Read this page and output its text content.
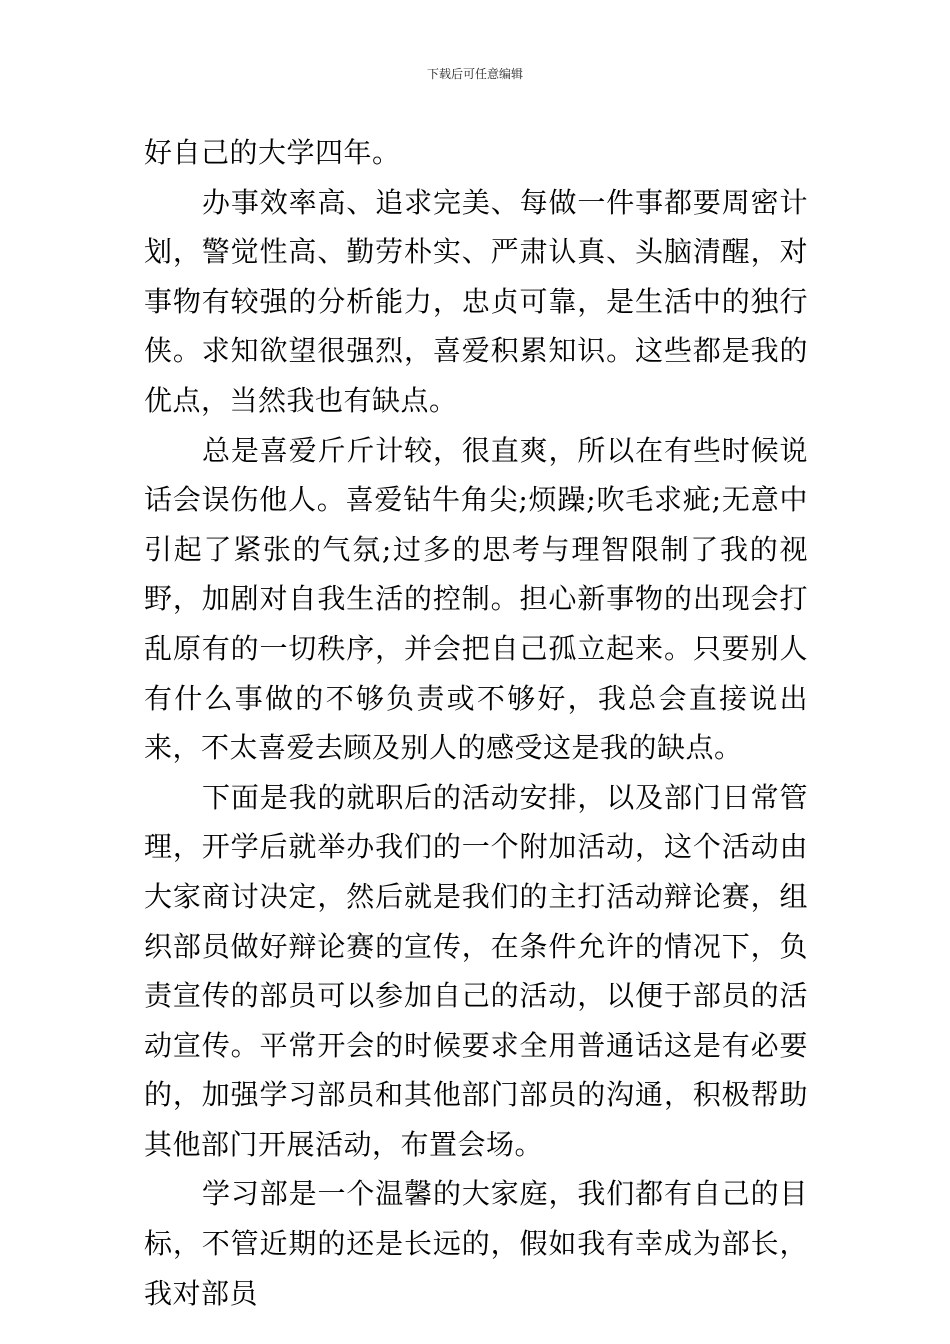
下载后可任意编辑

好自己的大学四年。

办事效率高、追求完美、每做一件事都要周密计划，警觉性高、勤劳朴实、严肃认真、头脑清醒，对事物有较强的分析能力，忠贞可靠，是生活中的独行侠。求知欲望很强烈，喜爱积累知识。这些都是我的优点，当然我也有缺点。

总是喜爱斤斤计较，很直爽，所以在有些时候说话会误伤他人。喜爱钻牛角尖;烦躁;吹毛求疵;无意中引起了紧张的气氛;过多的思考与理智限制了我的视野，加剧对自我生活的控制。担心新事物的出现会打乱原有的一切秩序，并会把自己孤立起来。只要别人有什么事做的不够负责或不够好，我总会直接说出来，不太喜爱去顾及别人的感受这是我的缺点。

下面是我的就职后的活动安排，以及部门日常管理，开学后就举办我们的一个附加活动，这个活动由大家商讨决定，然后就是我们的主打活动辩论赛，组织部员做好辩论赛的宣传，在条件允许的情况下，负责宣传的部员可以参加自己的活动，以便于部员的活动宣传。平常开会的时候要求全用普通话这是有必要的，加强学习部员和其他部门部员的沟通，积极帮助其他部门开展活动，布置会场。

学习部是一个温馨的大家庭，我们都有自己的目标，不管近期的还是长远的，假如我有幸成为部长，我对部员
